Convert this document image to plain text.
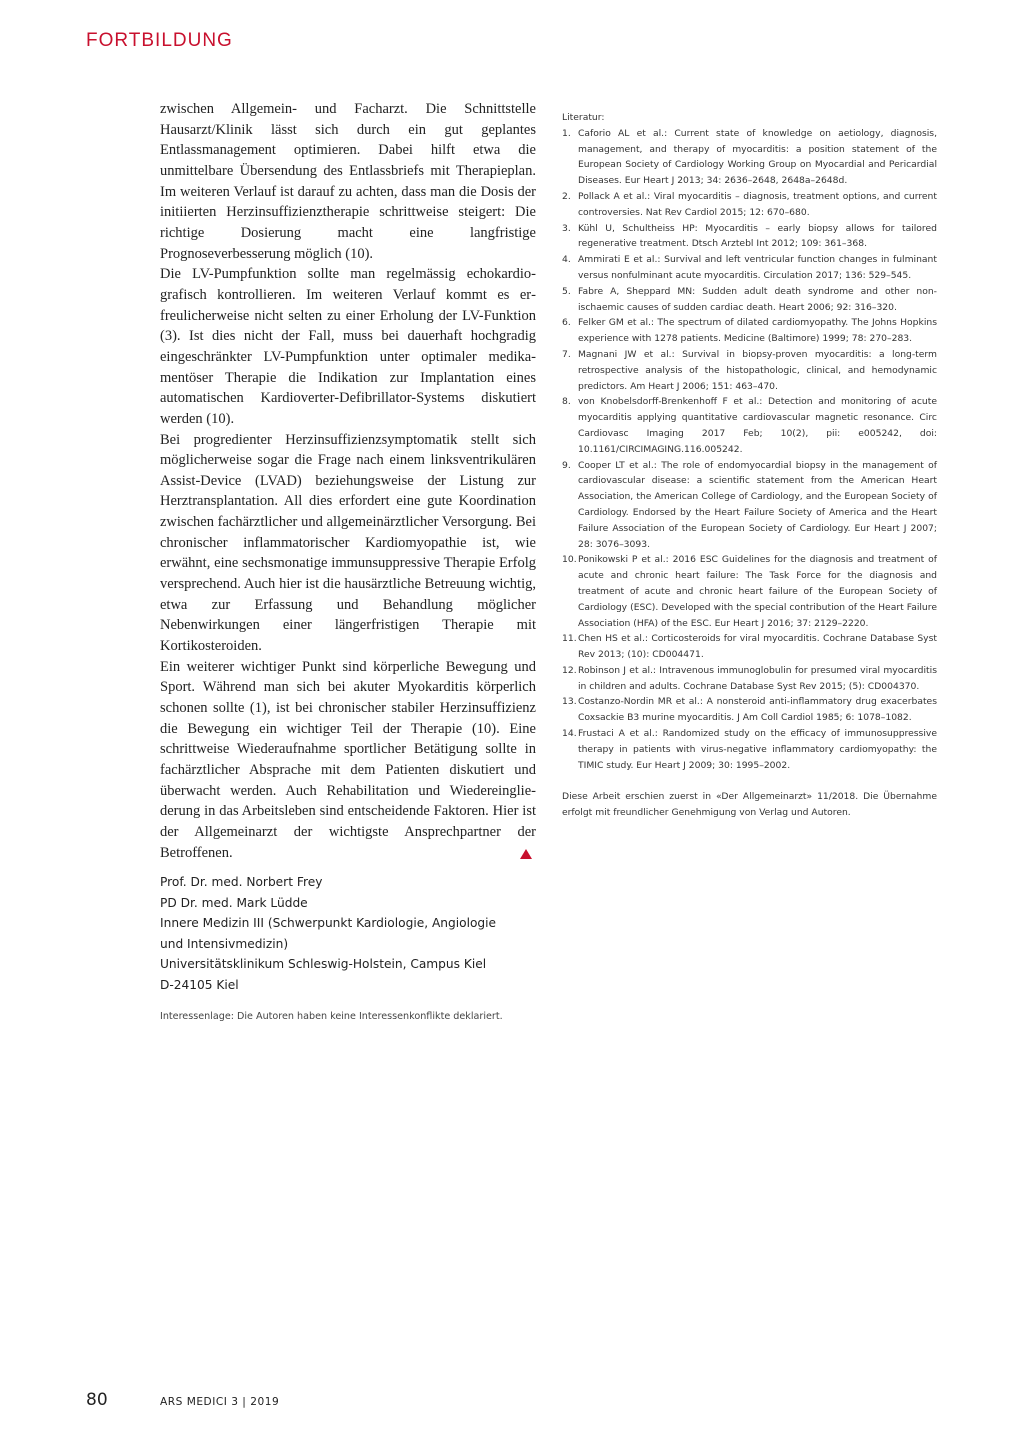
FORTBILDUNG

zwischen Allgemein- und Facharzt. Die Schnittstelle Hausarzt/Klinik lässt sich durch ein gut geplantes Entlassmanagement optimieren. Dabei hilft etwa die unmittelbare Übersendung des Entlassbriefs mit Therapieplan. Im weiteren Verlauf ist darauf zu achten, dass man die Dosis der initiierten Herzinsuffizienztherapie schrittweise steigert: Die richtige Dosierung macht eine langfristige Prognoseverbesserung möglich (10).

Die LV-Pumpfunktion sollte man regelmässig echokardiografisch kontrollieren. Im weiteren Verlauf kommt es erfreulicherweise nicht selten zu einer Erholung der LV-Funktion (3). Ist dies nicht der Fall, muss bei dauerhaft hochgradig eingeschränkter LV-Pumpfunktion unter optimaler medikamentöser Therapie die Indikation zur Implantation eines automatischen Kardioverter-Defibrillator-Systems diskutiert werden (10).

Bei progredienter Herzinsuffizienzsymptomatik stellt sich möglicherweise sogar die Frage nach einem linksventrikulären Assist-Device (LVAD) beziehungsweise der Listung zur Herztransplantation. All dies erfordert eine gute Koordination zwischen fachärztlicher und allgemeinärztlicher Versorgung. Bei chronischer inflammatorischer Kardiomyopathie ist, wie erwähnt, eine sechsmonatige immunsuppressive Therapie Erfolg versprechend. Auch hier ist die hausärztliche Betreuung wichtig, etwa zur Erfassung und Behandlung möglicher Nebenwirkungen einer längerfristigen Therapie mit Kortikosteroiden.

Ein weiterer wichtiger Punkt sind körperliche Bewegung und Sport. Während man sich bei akuter Myokarditis körperlich schonen sollte (1), ist bei chronischer stabiler Herzinsuffizienz die Bewegung ein wichtiger Teil der Therapie (10). Eine schrittweise Wiederaufnahme sportlicher Betätigung sollte in fachärztlicher Absprache mit dem Patienten diskutiert und überwacht werden. Auch Rehabilitation und Wiedereingliederung in das Arbeitsleben sind entscheidende Faktoren. Hier ist der Allgemeinarzt der wichtigste Ansprechpartner der Betroffenen.

Prof. Dr. med. Norbert Frey
PD Dr. med. Mark Lüdde
Innere Medizin III (Schwerpunkt Kardiologie, Angiologie
und Intensivmedizin)
Universitätsklinikum Schleswig-Holstein, Campus Kiel
D-24105 Kiel
Interessenlage: Die Autoren haben keine Interessenkonflikte deklariert.
Literatur:
1. Caforio AL et al.: Current state of knowledge on aetiology, diagnosis, management, and therapy of myocarditis: a position statement of the European Society of Cardiology Working Group on Myocardial and Pericardial Diseases. Eur Heart J 2013; 34: 2636–2648, 2648a–2648d.
2. Pollack A et al.: Viral myocarditis – diagnosis, treatment options, and current controversies. Nat Rev Cardiol 2015; 12: 670–680.
3. Kühl U, Schultheiss HP: Myocarditis – early biopsy allows for tailored regenerative treatment. Dtsch Arztebl Int 2012; 109: 361–368.
4. Ammirati E et al.: Survival and left ventricular function changes in fulminant versus nonfulminant acute myocarditis. Circulation 2017; 136: 529–545.
5. Fabre A, Sheppard MN: Sudden adult death syndrome and other non-ischaemic causes of sudden cardiac death. Heart 2006; 92: 316–320.
6. Felker GM et al.: The spectrum of dilated cardiomyopathy. The Johns Hopkins experience with 1278 patients. Medicine (Baltimore) 1999; 78: 270–283.
7. Magnani JW et al.: Survival in biopsy-proven myocarditis: a long-term retrospective analysis of the histopathologic, clinical, and hemodynamic predictors. Am Heart J 2006; 151: 463–470.
8. von Knobelsdorff-Brenkenhoff F et al.: Detection and monitoring of acute myocarditis applying quantitative cardiovascular magnetic resonance. Circ Cardiovasc Imaging 2017 Feb; 10(2), pii: e005242, doi: 10.1161/CIRCIMAGING.116.005242.
9. Cooper LT et al.: The role of endomyocardial biopsy in the management of cardiovascular disease: a scientific statement from the American Heart Association, the American College of Cardiology, and the European Society of Cardiology. Endorsed by the Heart Failure Society of America and the Heart Failure Association of the European Society of Cardiology. Eur Heart J 2007; 28: 3076–3093.
10. Ponikowski P et al.: 2016 ESC Guidelines for the diagnosis and treatment of acute and chronic heart failure: The Task Force for the diagnosis and treatment of acute and chronic heart failure of the European Society of Cardiology (ESC). Developed with the special contribution of the Heart Failure Association (HFA) of the ESC. Eur Heart J 2016; 37: 2129–2220.
11. Chen HS et al.: Corticosteroids for viral myocarditis. Cochrane Database Syst Rev 2013; (10): CD004471.
12. Robinson J et al.: Intravenous immunoglobulin for presumed viral myocarditis in children and adults. Cochrane Database Syst Rev 2015; (5): CD004370.
13. Costanzo-Nordin MR et al.: A nonsteroid anti-inflammatory drug exacerbates Coxsackie B3 murine myocarditis. J Am Coll Cardiol 1985; 6: 1078–1082.
14. Frustaci A et al.: Randomized study on the efficacy of immunosuppressive therapy in patients with virus-negative inflammatory cardiomyopathy: the TIMIC study. Eur Heart J 2009; 30: 1995–2002.
Diese Arbeit erschien zuerst in «Der Allgemeinarzt» 11/2018. Die Übernahme erfolgt mit freundlicher Genehmigung von Verlag und Autoren.
80	ARS MEDICI 3 | 2019
